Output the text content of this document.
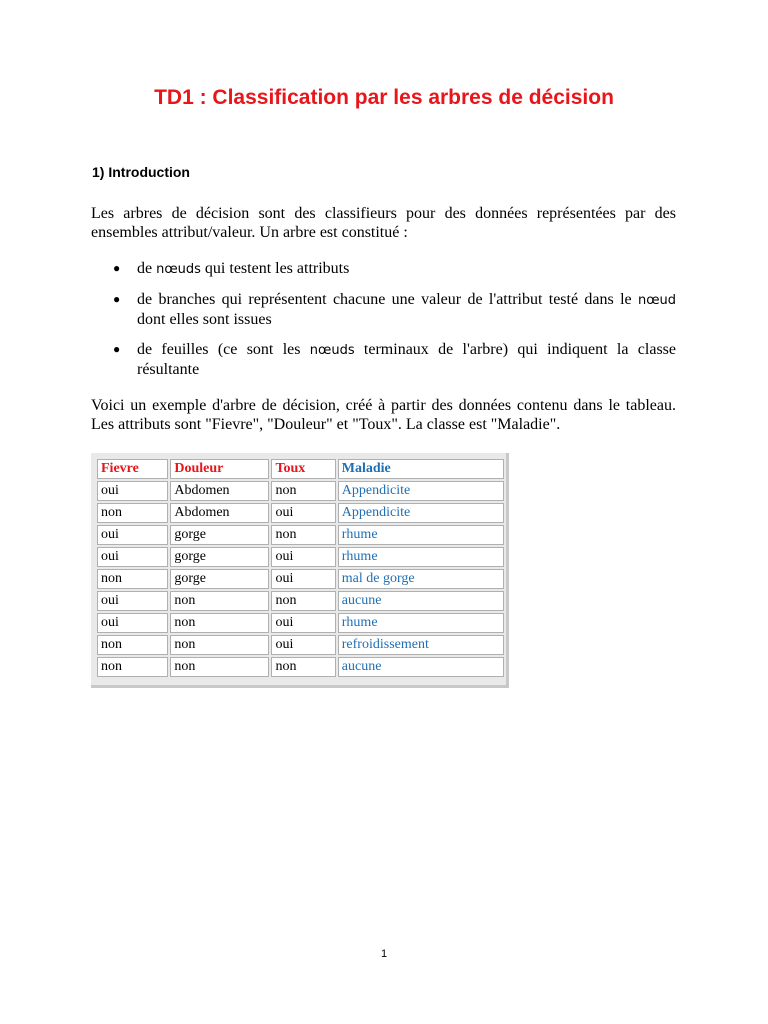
TD1 : Classification par les arbres de décision
1) Introduction
Les arbres de décision sont des classifieurs pour des données représentées par des ensembles attribut/valeur. Un arbre est constitué :
● de nœuds qui testent les attributs
● de branches qui représentent chacune une valeur de l'attribut testé dans le nœud dont elles sont issues
● de feuilles (ce sont les nœuds terminaux de l'arbre) qui indiquent la classe résultante
Voici un exemple d'arbre de décision, créé à partir des données contenu dans le tableau. Les attributs sont "Fievre", "Douleur" et "Toux". La classe est "Maladie".
Fievre	Douleur	Toux	Maladie
oui	Abdomen	non	Appendicite
non	Abdomen	oui	Appendicite
oui	gorge	non	rhume
oui	gorge	oui	rhume
non	gorge	oui	mal de gorge
oui	non	non	aucune
oui	non	oui	rhume
non	non	oui	refroidissement
non	non	non	aucune
1
